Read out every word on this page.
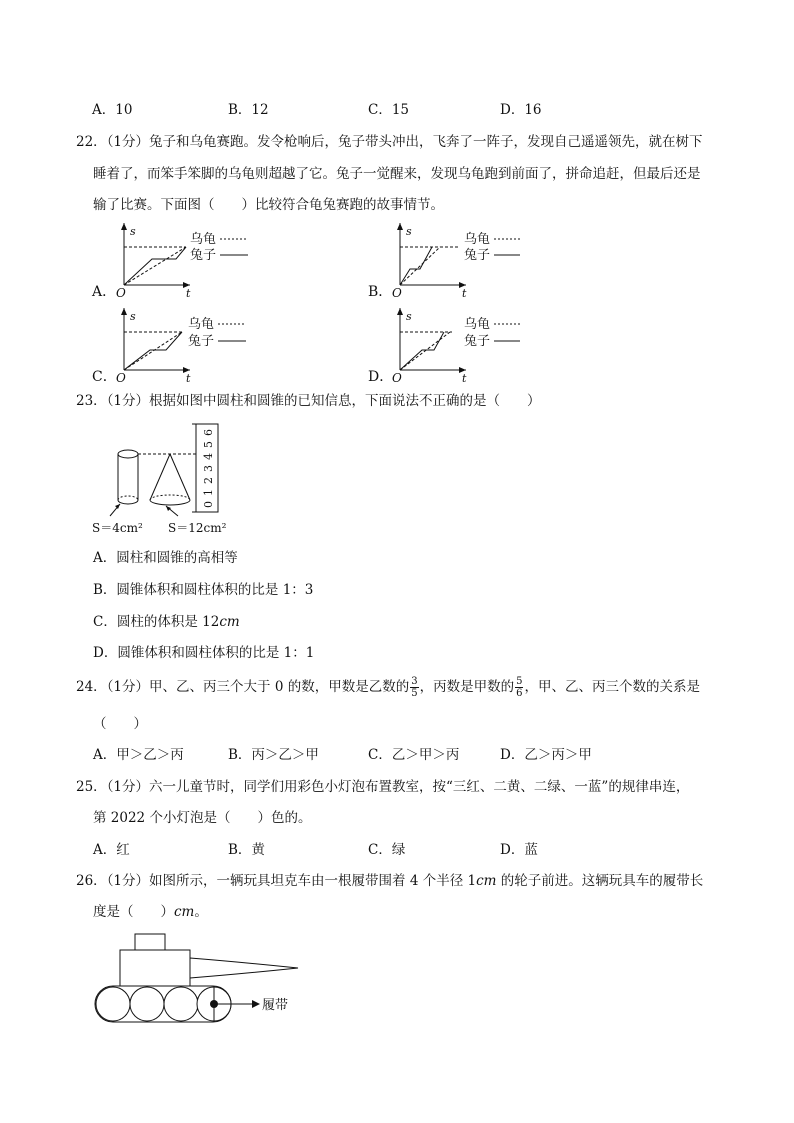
A．10	B．12	C．15	D．16
22．（1分）兔子和乌龟赛跑。发令枪响后，兔子带头冲出，飞奔了一阵子，发现自己遥遥领先，就在树下
睡着了，而笨手笨脚的乌龟则超越了它。兔子一觉醒来，发现乌龟跑到前面了，拼命追赶，但最后还是
输了比赛。下面图（　　）比较符合龟兔赛跑的故事情节。
A．
s
t
O
乌龟
兔子
B．
s
t
O
乌龟
兔子
C．
s
t
O
乌龟
兔子
D．
s
t
O
乌龟
兔子
23．（1分）根据如图中圆柱和圆锥的已知信息，下面说法不正确的是（　　）
0
1
2
3
4
5
6
S＝4cm² S＝12cm²
A．圆柱和圆锥的高相等
B．圆锥体积和圆柱体积的比是 1：3
C．圆柱的体积是 12cm
D．圆锥体积和圆柱体积的比是 1：1
24．（1分）甲、乙、丙三个大于 0 的数，甲数是乙数的 $\frac{3}{5}$ ，丙数是甲数的 $\frac{5}{6}$ ，甲、乙、丙三个数的关系是
（　　）
A．甲＞乙＞丙	B．丙＞乙＞甲	C．乙＞甲＞丙	D．乙＞丙＞甲
25．（1分）六一儿童节时，同学们用彩色小灯泡布置教室，按“三红、二黄、二绿、一蓝”的规律串连，
第 2022 个小灯泡是（　　）色的。
A．红	B．黄	C．绿	D．蓝
26．（1分）如图所示，一辆玩具坦克车由一根履带围着 4 个半径 1cm 的轮子前进。这辆玩具车的履带长
度是（　　）cm。
履带
